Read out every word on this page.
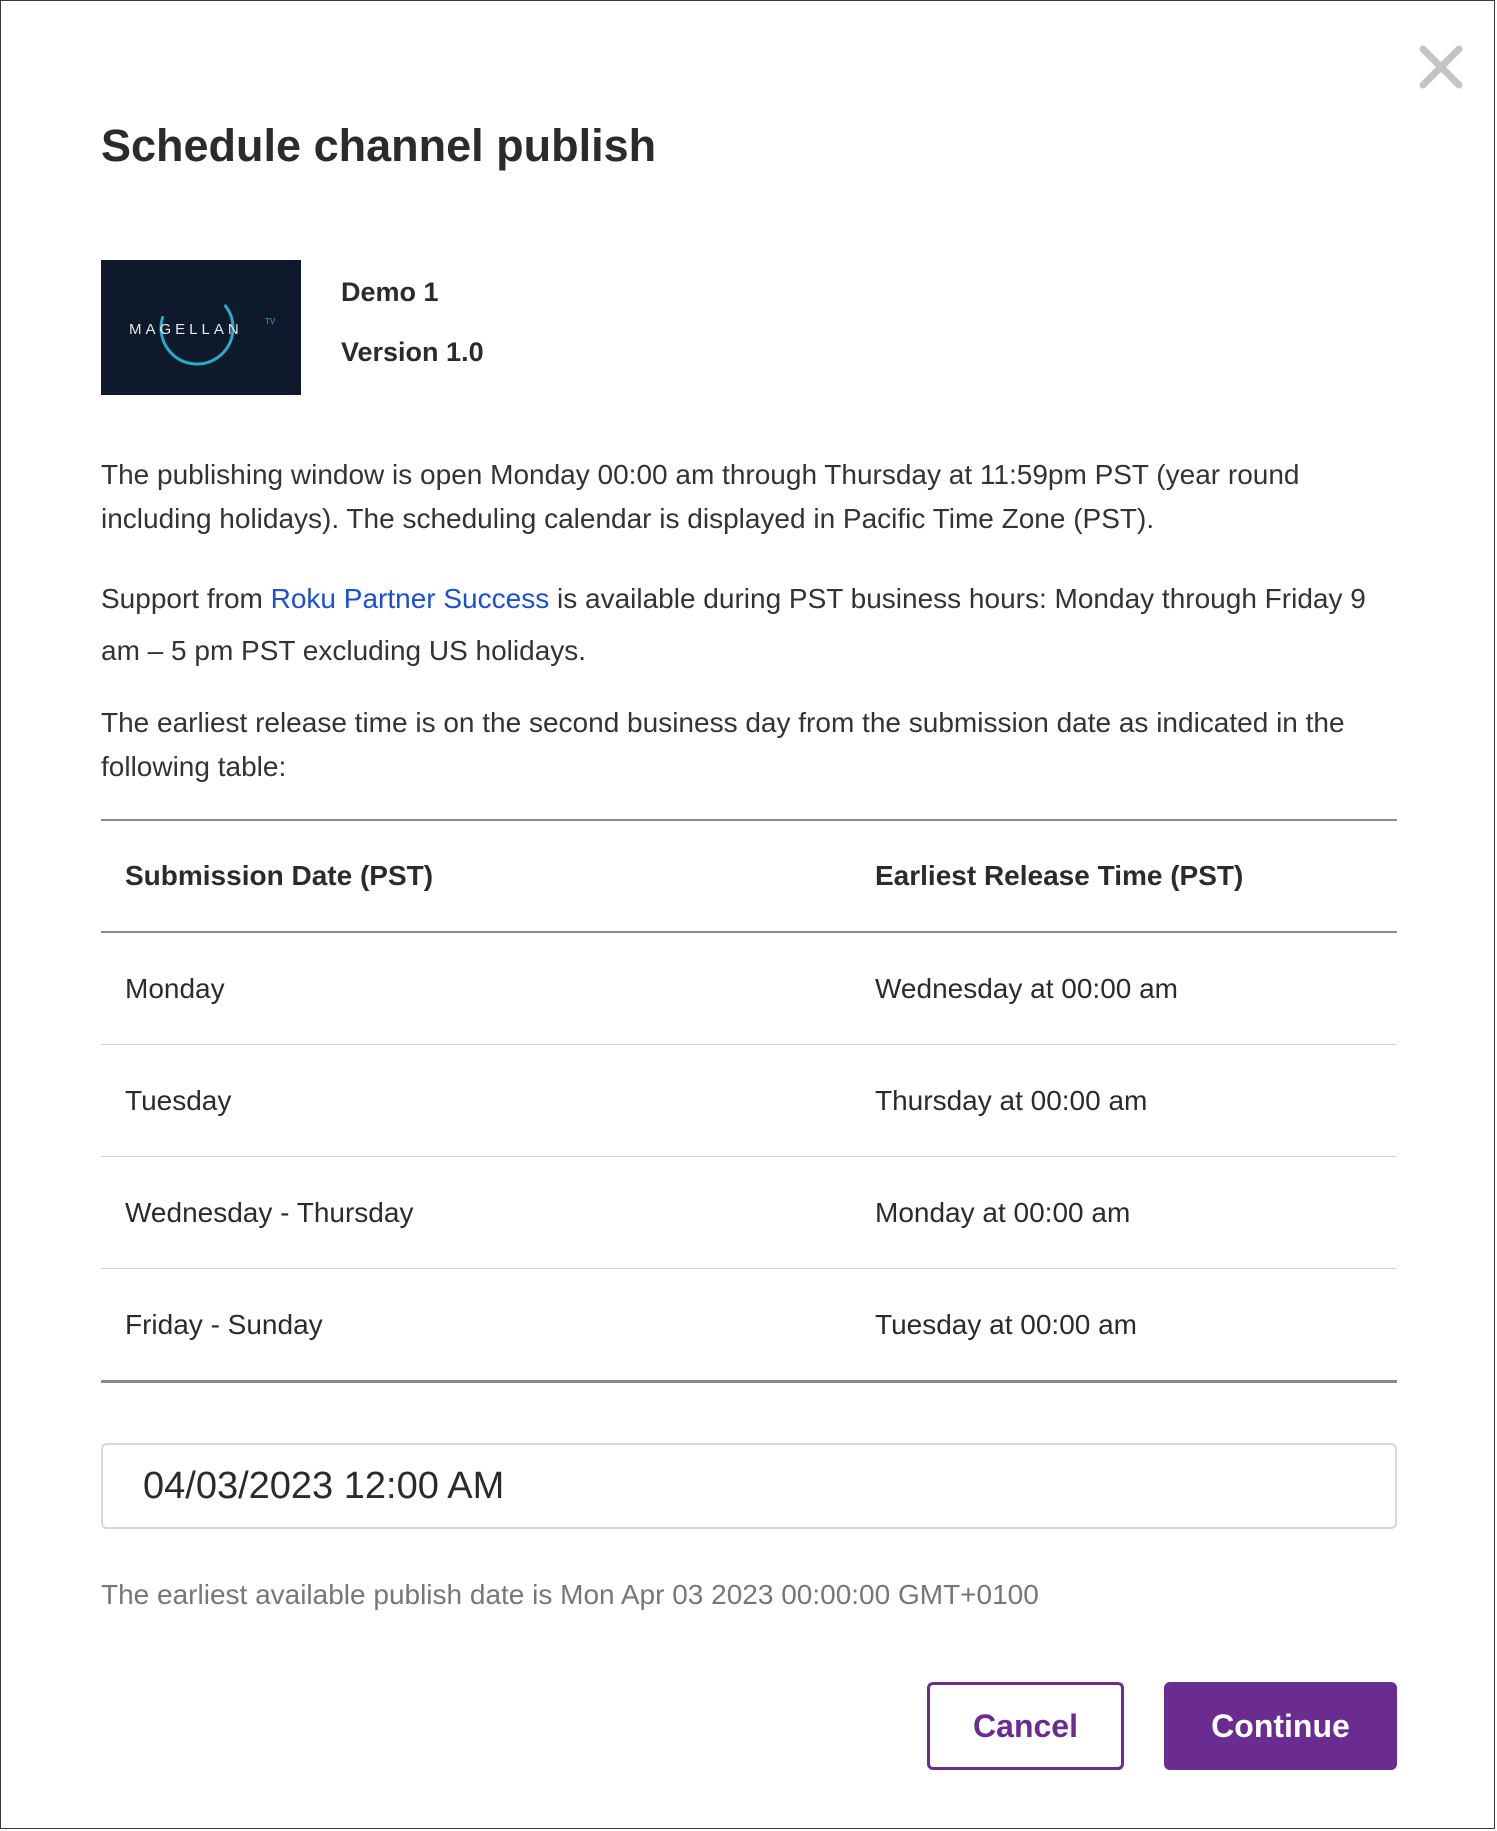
Schedule channel publish
MAGELLAN	TV
Demo 1
Version 1.0

The publishing window is open Monday 00:00 am through Thursday at 11:59pm PST (year round including holidays). The scheduling calendar is displayed in Pacific Time Zone (PST).

Support from Roku Partner Success is available during PST business hours: Monday through Friday 9 am – 5 pm PST excluding US holidays.

The earliest release time is on the second business day from the submission date as indicated in the following table:

Submission Date (PST)	Earliest Release Time (PST)
Monday	Wednesday at 00:00 am
Tuesday	Thursday at 00:00 am
Wednesday - Thursday	Monday at 00:00 am
Friday - Sunday	Tuesday at 00:00 am
04/03/2023 12:00 AM
The earliest available publish date is Mon Apr 03 2023 00:00:00 GMT+0100
Cancel	Continue
